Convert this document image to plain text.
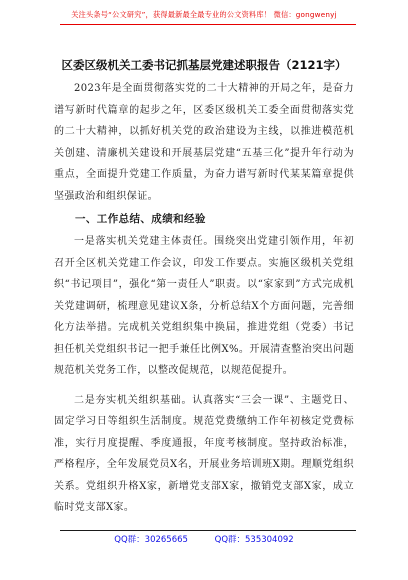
关注头条号“公文研究”，获得最新最全最专业的公文资料库！ 微信：gongwenyj
区委区级机关工委书记抓基层党建述职报告（2121字）

2023年是全面贯彻落实党的二十大精神的开局之年，是奋力谱写新时代篇章的起步之年，区委区级机关工委全面贯彻落实党的二十大精神，以抓好机关党的政治建设为主线，以推进模范机关创建、清廉机关建设和开展基层党建“五基三化”提升年行动为重点，全面提升党建工作质量，为奋力谱写新时代某某篇章提供坚强政治和组织保证。

一、工作总结、成绩和经验

一是落实机关党建主体责任。围绕突出党建引领作用，年初召开全区机关党建工作会议，印发工作要点。实施区级机关党组织“书记项目”，强化“第一责任人”职责。以“家家到”方式完成机关党建调研，梳理意见建议X条，分析总结X个方面问题，完善细化方法举措。完成机关党组织集中换届，推进党组（党委）书记担任机关党组织书记一把手兼任比例X%。开展清查整治突出问题规范机关党务工作，以整改促规范，以规范促提升。

二是夯实机关组织基础。认真落实“三会一课”、主题党日、固定学习日等组织生活制度。规范党费缴纳工作年初核定党费标准，实行月度提醒、季度通报，年度考核制度。坚持政治标准，严格程序，全年发展党员X名，开展业务培训班X期。理顺党组织关系。党组织升格X家，新增党支部X家，撤销党支部X家，成立临时党支部X家。

QQ群：30265665	QQ群：535304092
